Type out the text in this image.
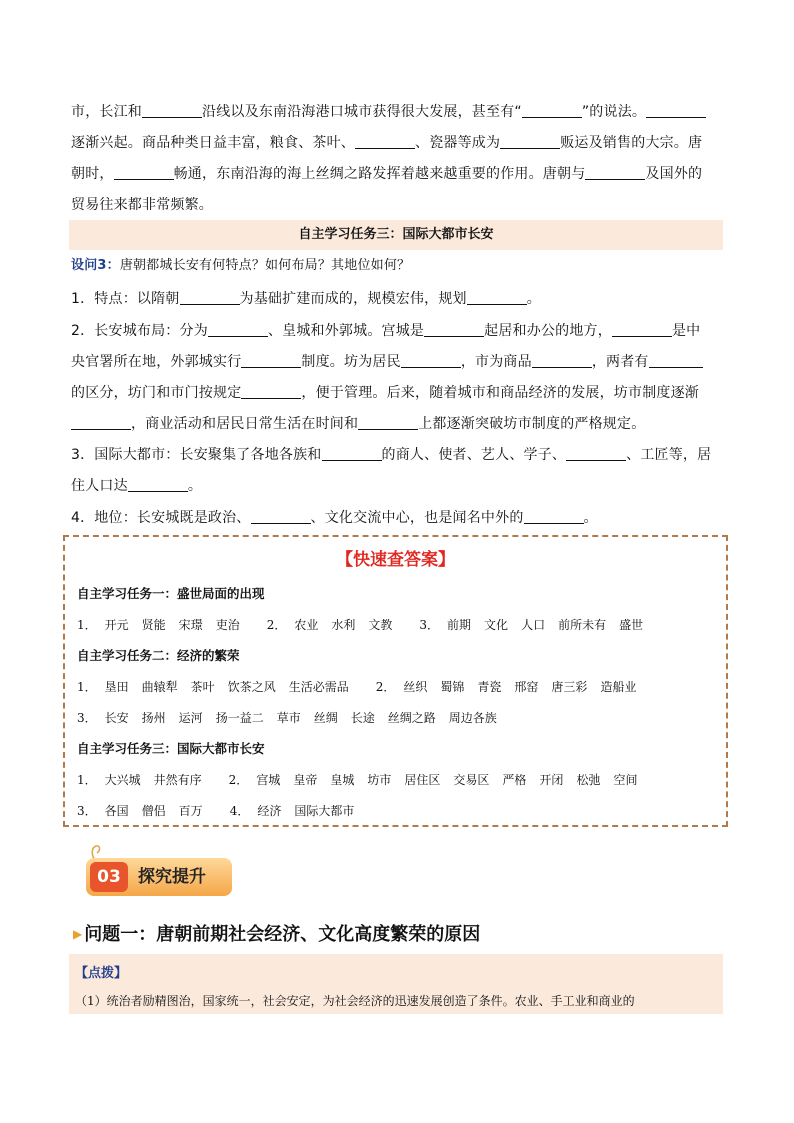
市，长江和	沿线以及东南沿海港口城市获得很大发展，甚至有“	”的说法。
逐渐兴起。商品种类日益丰富，粮食、茶叶、	、瓷器等成为	贩运及销售的大宗。唐
朝时，	畅通，东南沿海的海上丝绸之路发挥着越来越重要的作用。唐朝与	及国外的
贸易往来都非常频繁。
自主学习任务三：国际大都市长安
设问3：唐朝都城长安有何特点？如何布局？其地位如何？
1．特点：以隋朝	为基础扩建而成的，规模宏伟，规划	。
2．长安城布局：分为	、皇城和外郭城。宫城是	起居和办公的地方，	是中
央官署所在地，外郭城实行	制度。坊为居民	，市为商品	，两者有
的区分，坊门和市门按规定	，便于管理。后来，随着城市和商品经济的发展，坊市制度逐渐
，商业活动和居民日常生活在时间和	上都逐渐突破坊市制度的严格规定。
3．国际大都市：长安聚集了各地各族和	的商人、使者、艺人、学子、	、工匠等，居
住人口达	。
4．地位：长安城既是政治、	、文化交流中心，也是闻名中外的	。
【快速查答案】
自主学习任务一：盛世局面的出现
1． 开元 贤能 宋璟 吏治 2． 农业 水利 文教 3． 前期 文化 人口 前所未有 盛世
自主学习任务二：经济的繁荣
1． 垦田 曲辕犁 茶叶 饮茶之风 生活必需品 2． 丝织 蜀锦 青瓷 邢窑 唐三彩 造船业
3． 长安 扬州 运河 扬一益二 草市 丝绸 长途 丝绸之路 周边各族
自主学习任务三：国际大都市长安
1． 大兴城 井然有序 2． 宫城 皇帝 皇城 坊市 居住区 交易区 严格 开闭 松弛 空间
3． 各国 僧侣 百万 4． 经济 国际大都市
03	探究提升
▶ 问题一：唐朝前期社会经济、文化高度繁荣的原因
【点拨】
（1）统治者励精图治，国家统一，社会安定，为社会经济的迅速发展创造了条件。农业、手工业和商业的
